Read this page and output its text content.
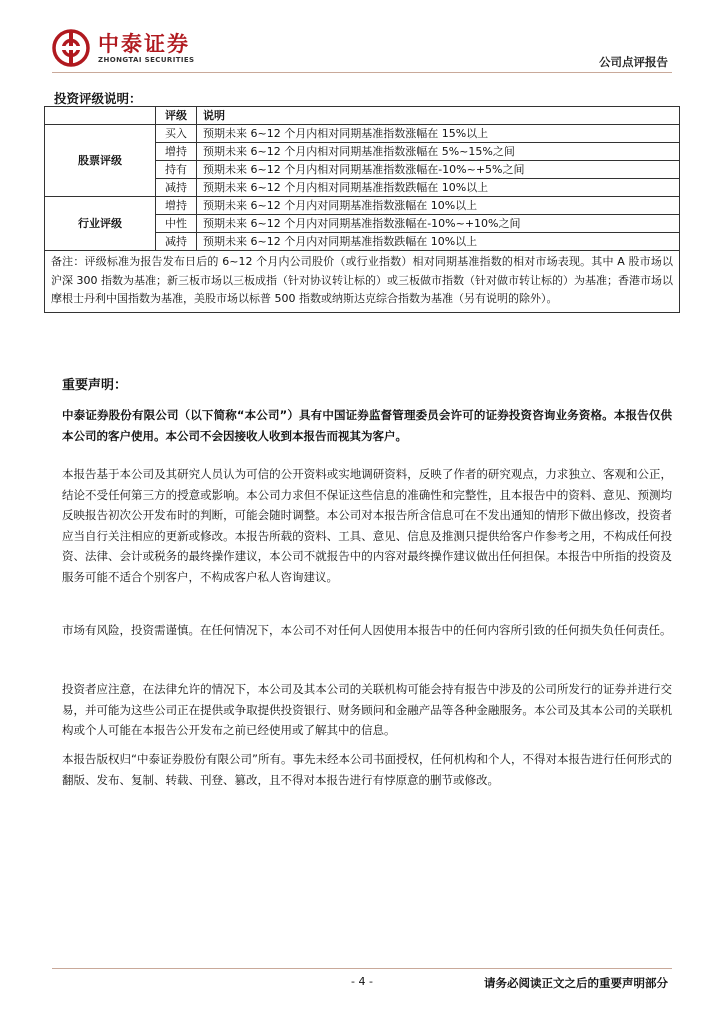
中泰证券
ZHONGTAI SECURITIES	公司点评报告
投资评级说明：
	评级	说明
股票评级	买入	预期未来 6~12 个月内相对同期基准指数涨幅在 15%以上
	增持	预期未来 6~12 个月内相对同期基准指数涨幅在 5%~15%之间
	持有	预期未来 6~12 个月内相对同期基准指数涨幅在-10%~+5%之间
	减持	预期未来 6~12 个月内相对同期基准指数跌幅在 10%以上
行业评级	增持	预期未来 6~12 个月内对同期基准指数涨幅在 10%以上
	中性	预期未来 6~12 个月内对同期基准指数涨幅在-10%~+10%之间
	减持	预期未来 6~12 个月内对同期基准指数跌幅在 10%以上
备注：评级标准为报告发布日后的 6~12 个月内公司股价（或行业指数）相对同期基准指数的相对市场表现。其中 A 股市场以沪深 300 指数为基准；新三板市场以三板成指（针对协议转让标的）或三板做市指数（针对做市转让标的）为基准；香港市场以摩根士丹利中国指数为基准，美股市场以标普 500 指数或纳斯达克综合指数为基准（另有说明的除外）。		
重要声明：

中泰证券股份有限公司（以下简称“本公司”）具有中国证券监督管理委员会许可的证券投资咨询业务资格。本报告仅供本公司的客户使用。本公司不会因接收人收到本报告而视其为客户。

本报告基于本公司及其研究人员认为可信的公开资料或实地调研资料，反映了作者的研究观点，力求独立、客观和公正，结论不受任何第三方的授意或影响。本公司力求但不保证这些信息的准确性和完整性，且本报告中的资料、意见、预测均反映报告初次公开发布时的判断，可能会随时调整。本公司对本报告所含信息可在不发出通知的情形下做出修改，投资者应当自行关注相应的更新或修改。本报告所载的资料、工具、意见、信息及推测只提供给客户作参考之用，不构成任何投资、法律、会计或税务的最终操作建议，本公司不就报告中的内容对最终操作建议做出任何担保。本报告中所指的投资及服务可能不适合个别客户，不构成客户私人咨询建议。

市场有风险，投资需谨慎。在任何情况下，本公司不对任何人因使用本报告中的任何内容所引致的任何损失负任何责任。

投资者应注意，在法律允许的情况下，本公司及其本公司的关联机构可能会持有报告中涉及的公司所发行的证券并进行交易，并可能为这些公司正在提供或争取提供投资银行、财务顾问和金融产品等各种金融服务。本公司及其本公司的关联机构或个人可能在本报告公开发布之前已经使用或了解其中的信息。

本报告版权归“中泰证券股份有限公司”所有。事先未经本公司书面授权，任何机构和个人，不得对本报告进行任何形式的翻版、发布、复制、转载、刊登、篡改，且不得对本报告进行有悖原意的删节或修改。

- 4 -	请务必阅读正文之后的重要声明部分
